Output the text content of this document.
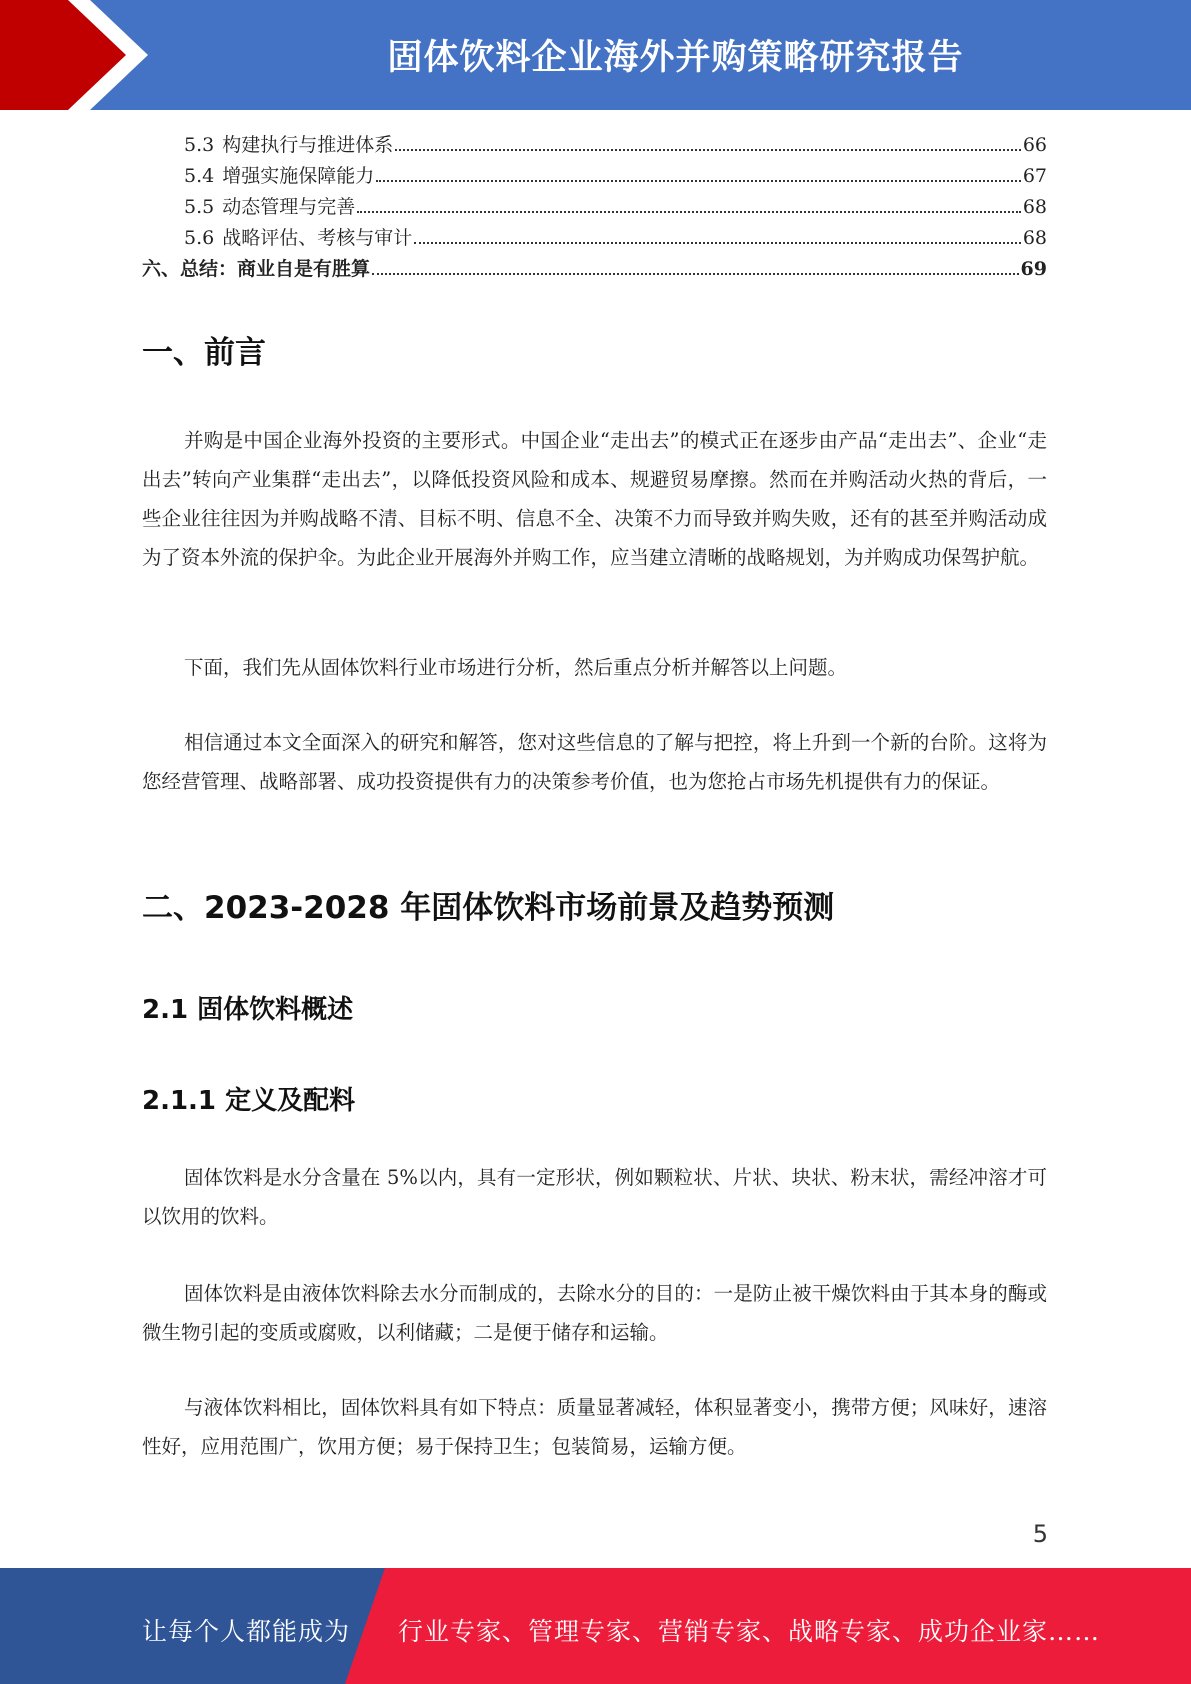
固体饮料企业海外并购策略研究报告
5.3 构建执行与推进体系	66
5.4 增强实施保障能力	67
5.5 动态管理与完善	68
5.6 战略评估、考核与审计	68
六、总结：商业自是有胜算	69
一、前言

并购是中国企业海外投资的主要形式。中国企业“走出去”的模式正在逐步由产品“走出去”、企业“走出去”转向产业集群“走出去”，以降低投资风险和成本、规避贸易摩擦。然而在并购活动火热的背后，一些企业往往因为并购战略不清、目标不明、信息不全、决策不力而导致并购失败，还有的甚至并购活动成为了资本外流的保护伞。为此企业开展海外并购工作，应当建立清晰的战略规划，为并购成功保驾护航。

下面，我们先从固体饮料行业市场进行分析，然后重点分析并解答以上问题。

相信通过本文全面深入的研究和解答，您对这些信息的了解与把控，将上升到一个新的台阶。这将为您经营管理、战略部署、成功投资提供有力的决策参考价值，也为您抢占市场先机提供有力的保证。

二、2023-2028 年固体饮料市场前景及趋势预测
2.1 固体饮料概述
2.1.1 定义及配料

固体饮料是水分含量在 5%以内，具有一定形状，例如颗粒状、片状、块状、粉末状，需经冲溶才可以饮用的饮料。

固体饮料是由液体饮料除去水分而制成的，去除水分的目的：一是防止被干燥饮料由于其本身的酶或微生物引起的变质或腐败，以利储藏；二是便于储存和运输。

与液体饮料相比，固体饮料具有如下特点：质量显著减轻，体积显著变小，携带方便；风味好，速溶性好，应用范围广，饮用方便；易于保持卫生；包装简易，运输方便。

5
让每个人都能成为 行业专家、管理专家、营销专家、战略专家、成功企业家……
